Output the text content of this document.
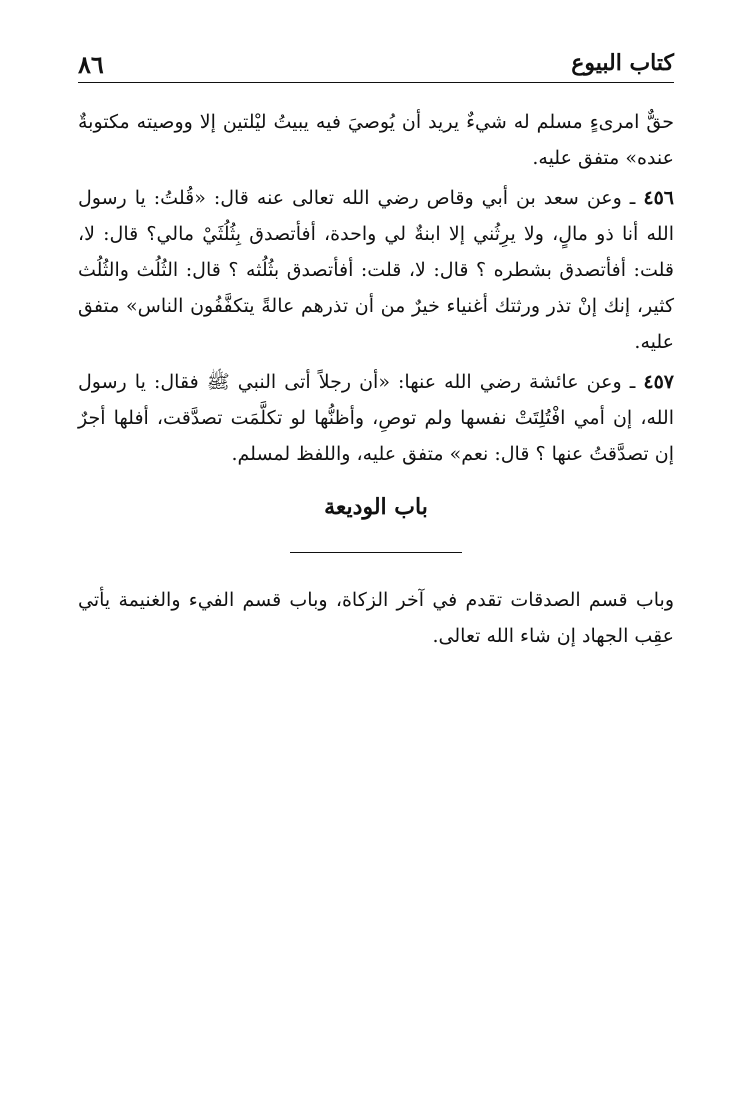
٨٦	كتاب البيوع

حقٌّ امرىءٍ مسلم له شيءٌ يريد أن يُوصيَ فيه يبيتُ ليْلتين إلا ووصيته مكتوبةٌ عنده» متفق عليه.

٤٥٦ ـ وعن سعد بن أبي وقاص رضي الله تعالى عنه قال: «قُلتُ: يا رسول الله أنا ذو مالٍ، ولا يرِثُني إلا ابنةٌ لي واحدة، أفأتصدق بِثُلُثَيْ مالي؟ قال: لا، قلت: أفأتصدق بشطره ؟ قال: لا، قلت: أفأتصدق بثُلُثه ؟ قال: الثُلُث والثُلُث كثير، إنك إنْ تذر ورثتك أغنياء خيرٌ من أن تذرهم عالةً يتكفَّفُون الناس» متفق عليه.

٤٥٧ ـ وعن عائشة رضي الله عنها: «أن رجلاً أتى النبي ﷺ فقال: يا رسول الله، إن أمي افْتُلِتَتْ نفسها ولم توصِ، وأظنُّها لو تكلَّمَت تصدَّقت، أفلها أجرٌ إن تصدَّقتُ عنها ؟ قال: نعم» متفق عليه، واللفظ لمسلم.

باب الوديعة

وباب قسم الصدقات تقدم في آخر الزكاة، وباب قسم الفيء والغنيمة يأتي عقِب الجهاد إن شاء الله تعالى.
